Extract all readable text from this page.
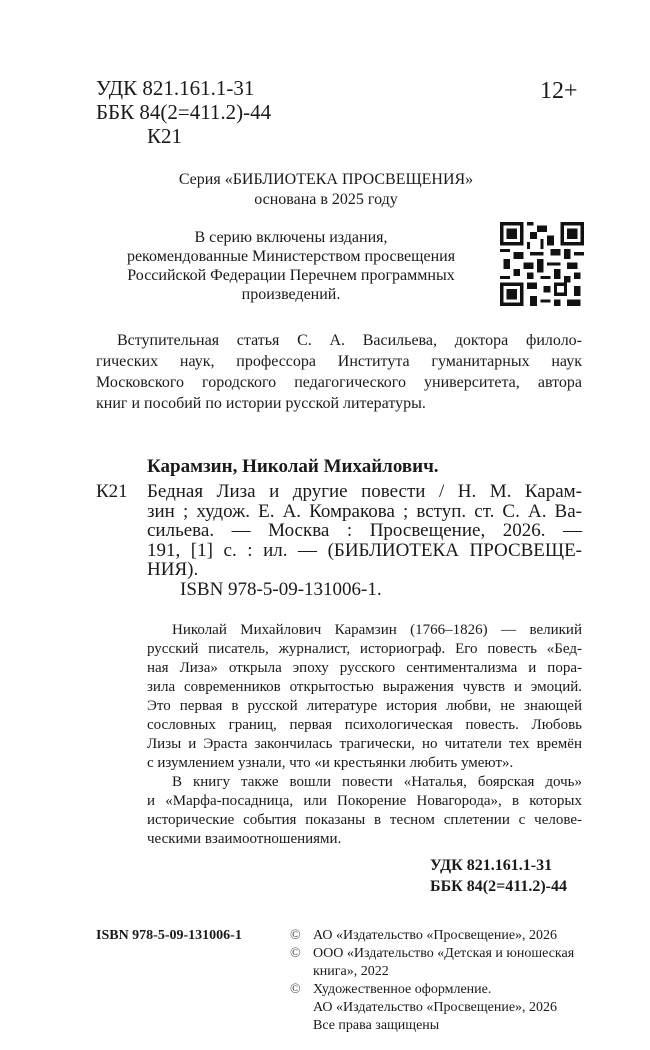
УДК 821.161.1-31
ББК 84(2=411.2)-44
К21
12+
Серия «БИБЛИОТЕКА ПРОСВЕЩЕНИЯ»
основана в 2025 году
В серию включены издания,
рекомендованные Министерством просвещения
Российской Федерации Перечнем программных
произведений.
Вступительная статья С. А. Васильева, доктора филоло-
гических наук, профессора Института гуманитарных наук
Московского городского педагогического университета, автора
книг и пособий по истории русской литературы.
Карамзин, Николай Михайлович.
К21 Бедная Лиза и другие повести / Н. М. Карам-
зин ; худож. Е. А. Комракова ; вступ. ст. С. А. Ва-
сильева. — Москва : Просвещение, 2026. —
191, [1] с. : ил. — (БИБЛИОТЕКА ПРОСВЕЩЕ-
НИЯ).
ISBN 978-5-09-131006-1.
Николай Михайлович Карамзин (1766–1826) — великий
русский писатель, журналист, историограф. Его повесть «Бед-
ная Лиза» открыла эпоху русского сентиментализма и пора-
зила современников открытостью выражения чувств и эмоций.
Это первая в русской литературе история любви, не знающей
сословных границ, первая психологическая повесть. Любовь
Лизы и Эраста закончилась трагически, но читатели тех времён
с изумлением узнали, что «и крестьянки любить умеют».
В книгу также вошли повести «Наталья, боярская дочь»
и «Марфа-посадница, или Покорение Новагорода», в которых
исторические события показаны в тесном сплетении с челове-
ческими взаимоотношениями.
УДК 821.161.1-31
ББК 84(2=411.2)-44
ISBN 978-5-09-131006-1	© АО «Издательство «Просвещение», 2026
© ООО «Издательство «Детская и юношеская
книга», 2022
© Художественное оформление.
АО «Издательство «Просвещение», 2026
Все права защищены
